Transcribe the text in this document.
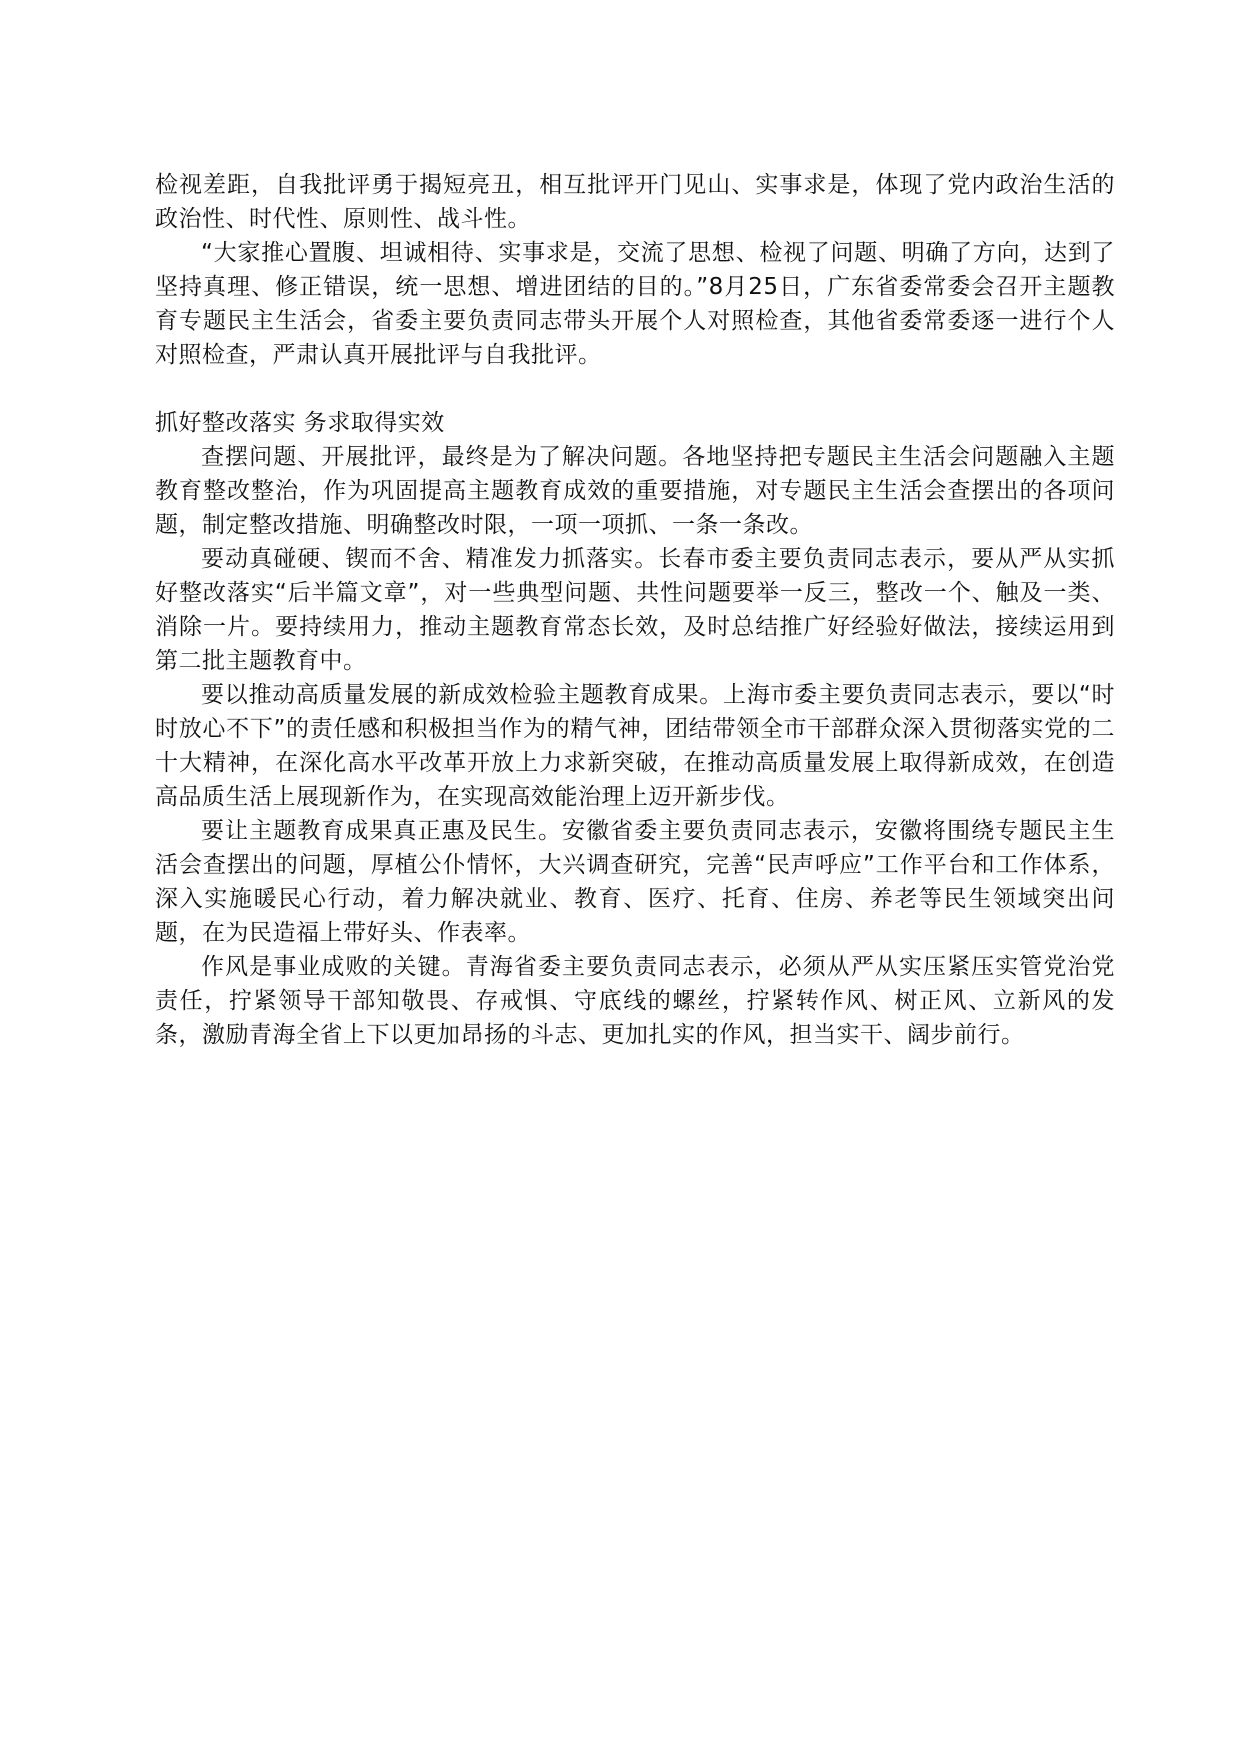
检视差距，自我批评勇于揭短亮丑，相互批评开门见山、实事求是，体现了党内政治生活的政治性、时代性、原则性、战斗性。

“大家推心置腹、坦诚相待、实事求是，交流了思想、检视了问题、明确了方向，达到了坚持真理、修正错误，统一思想、增进团结的目的。”8月25日，广东省委常委会召开主题教育专题民主生活会，省委主要负责同志带头开展个人对照检查，其他省委常委逐一进行个人对照检查，严肃认真开展批评与自我批评。

抓好整改落实 务求取得实效

查摆问题、开展批评，最终是为了解决问题。各地坚持把专题民主生活会问题融入主题教育整改整治，作为巩固提高主题教育成效的重要措施，对专题民主生活会查摆出的各项问题，制定整改措施、明确整改时限，一项一项抓、一条一条改。

要动真碰硬、锲而不舍、精准发力抓落实。长春市委主要负责同志表示，要从严从实抓好整改落实“后半篇文章”，对一些典型问题、共性问题要举一反三，整改一个、触及一类、消除一片。要持续用力，推动主题教育常态长效，及时总结推广好经验好做法，接续运用到第二批主题教育中。

要以推动高质量发展的新成效检验主题教育成果。上海市委主要负责同志表示，要以“时时放心不下”的责任感和积极担当作为的精气神，团结带领全市干部群众深入贯彻落实党的二十大精神，在深化高水平改革开放上力求新突破，在推动高质量发展上取得新成效，在创造高品质生活上展现新作为，在实现高效能治理上迈开新步伐。

要让主题教育成果真正惠及民生。安徽省委主要负责同志表示，安徽将围绕专题民主生活会查摆出的问题，厚植公仆情怀，大兴调查研究，完善“民声呼应”工作平台和工作体系，深入实施暖民心行动，着力解决就业、教育、医疗、托育、住房、养老等民生领域突出问题，在为民造福上带好头、作表率。

作风是事业成败的关键。青海省委主要负责同志表示，必须从严从实压紧压实管党治党责任，拧紧领导干部知敬畏、存戒惧、守底线的螺丝，拧紧转作风、树正风、立新风的发条，激励青海全省上下以更加昂扬的斗志、更加扎实的作风，担当实干、阔步前行。
